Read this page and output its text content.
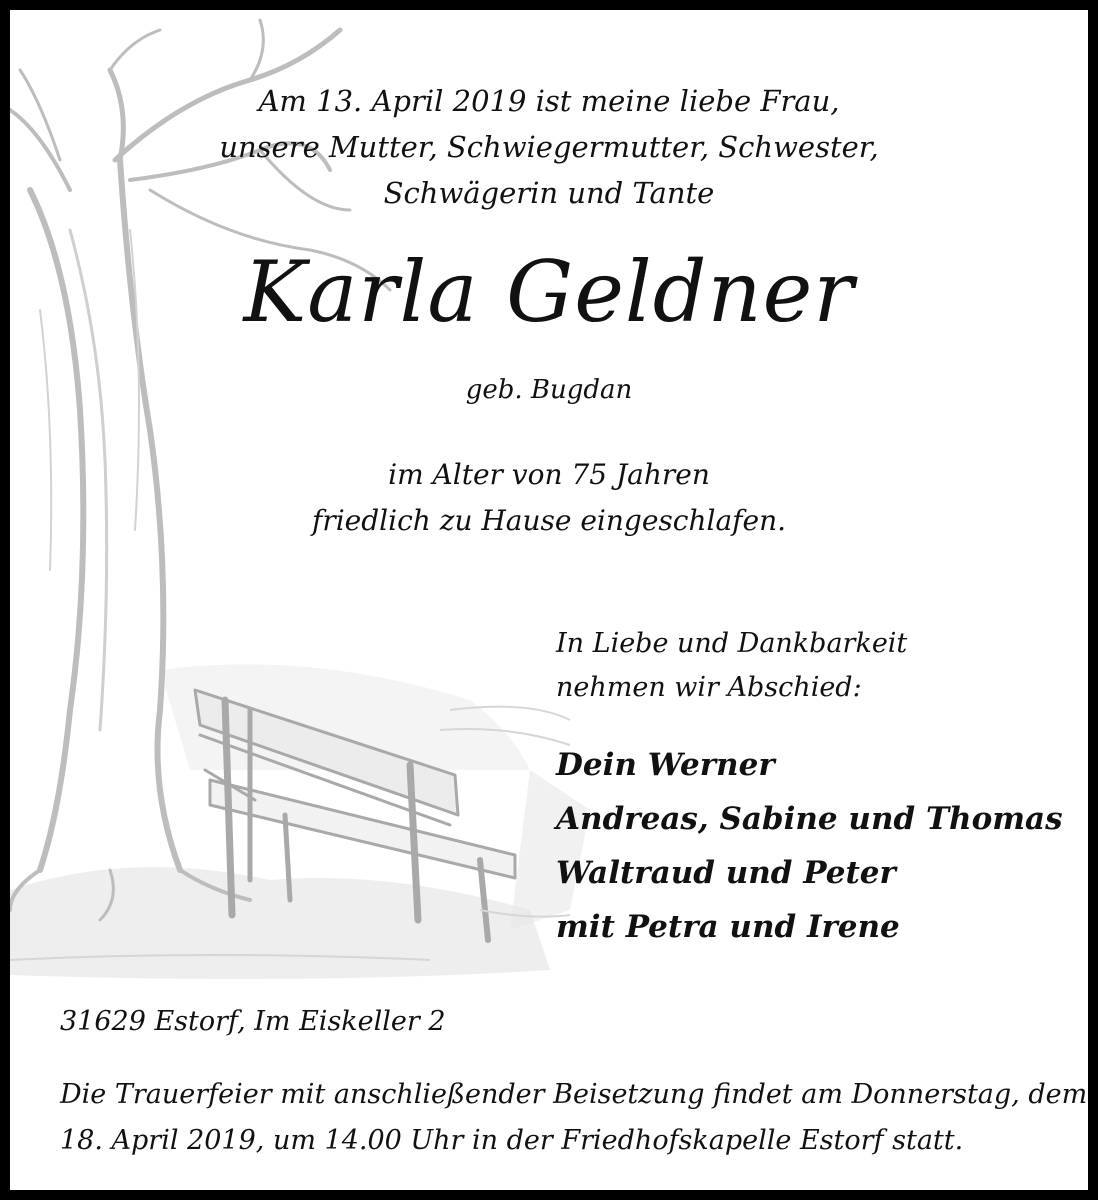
Am 13. April 2019 ist meine liebe Frau,
unsere Mutter, Schwiegermutter, Schwester,
Schwägerin und Tante
Karla Geldner
geb. Bugdan
im Alter von 75 Jahren
friedlich zu Hause eingeschlafen.
In Liebe und Dankbarkeit
nehmen wir Abschied:
Dein Werner
Andreas, Sabine und Thomas
Waltraud und Peter
mit Petra und Irene
31629 Estorf, Im Eiskeller 2
Die Trauerfeier mit anschließender Beisetzung findet am Donnerstag, dem
18. April 2019, um 14.00 Uhr in der Friedhofskapelle Estorf statt.
